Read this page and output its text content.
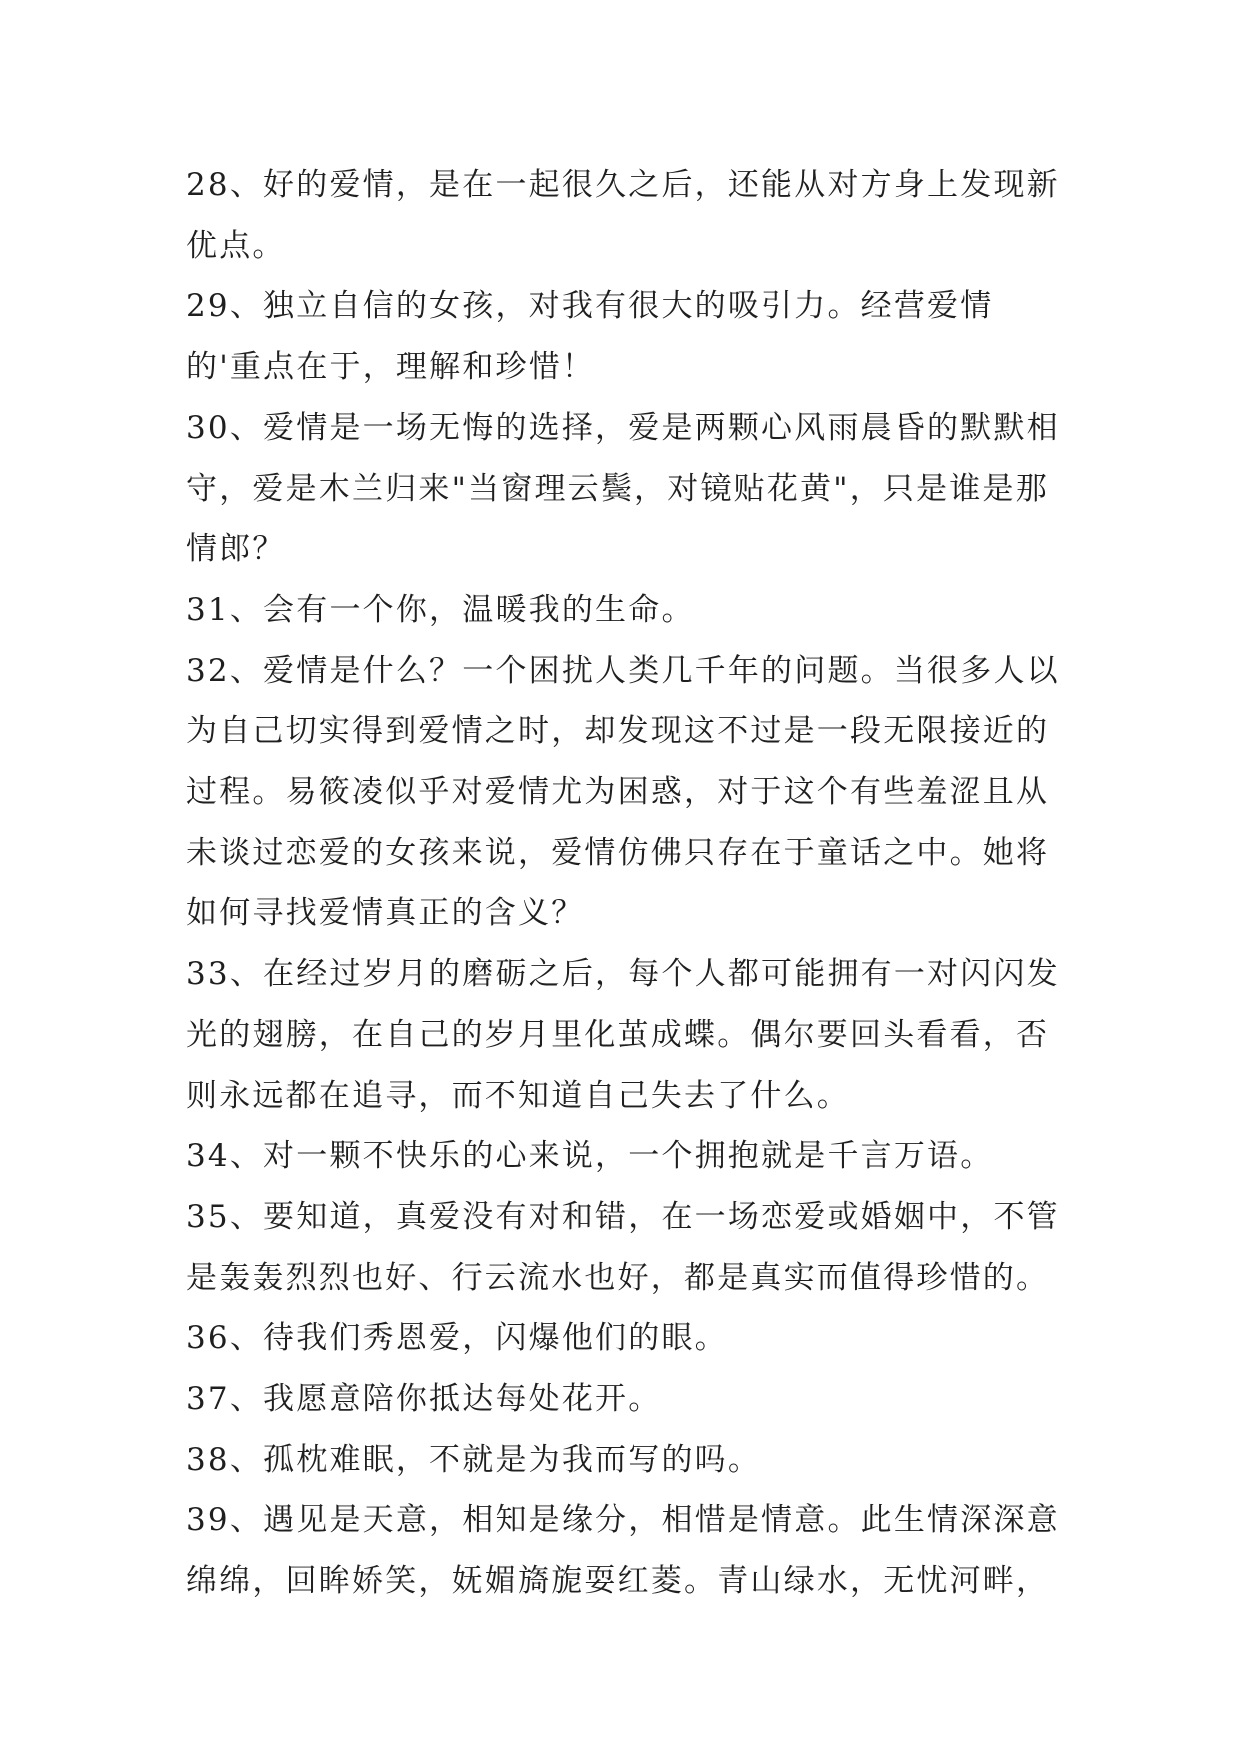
28、好的爱情，是在一起很久之后，还能从对方身上发现新优点。

29、独立自信的女孩，对我有很大的吸引力。经营爱情的'重点在于，理解和珍惜！

30、爱情是一场无悔的选择，爱是两颗心风雨晨昏的默默相守，爱是木兰归来"当窗理云鬓，对镜贴花黄"，只是谁是那情郎？

31、会有一个你，温暖我的生命。

32、爱情是什么？一个困扰人类几千年的问题。当很多人以为自己切实得到爱情之时，却发现这不过是一段无限接近的过程。易筱凌似乎对爱情尤为困惑，对于这个有些羞涩且从未谈过恋爱的女孩来说，爱情仿佛只存在于童话之中。她将如何寻找爱情真正的含义？

33、在经过岁月的磨砺之后，每个人都可能拥有一对闪闪发光的翅膀，在自己的岁月里化茧成蝶。偶尔要回头看看，否则永远都在追寻，而不知道自己失去了什么。

34、对一颗不快乐的心来说，一个拥抱就是千言万语。

35、要知道，真爱没有对和错，在一场恋爱或婚姻中，不管是轰轰烈烈也好、行云流水也好，都是真实而值得珍惜的。

36、待我们秀恩爱，闪爆他们的眼。

37、我愿意陪你抵达每处花开。

38、孤枕难眠，不就是为我而写的吗。

39、遇见是天意，相知是缘分，相惜是情意。此生情深深意绵绵，回眸娇笑，妩媚旖旎耍红菱。青山绿水，无忧河畔，
